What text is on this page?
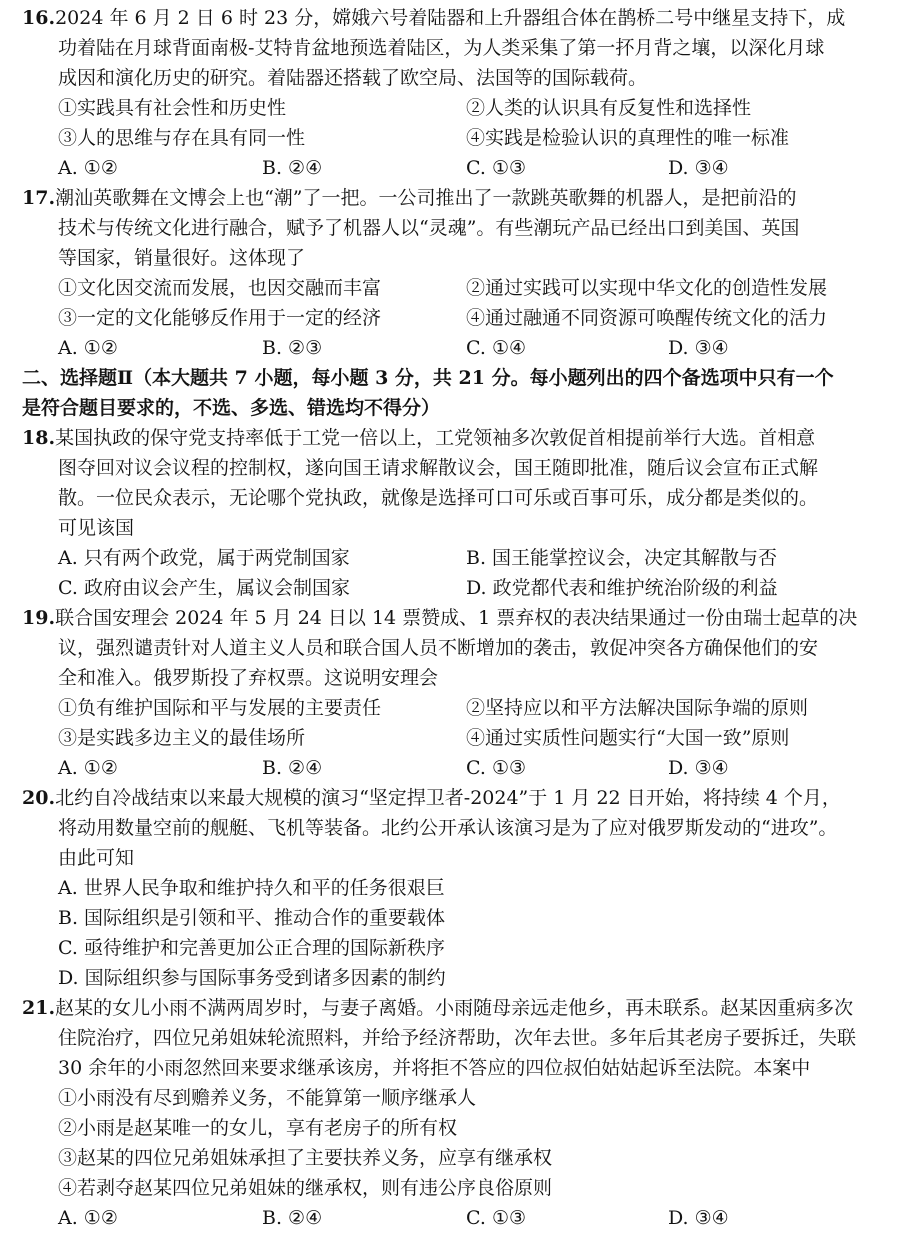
16.2024 年 6 月 2 日 6 时 23 分，嫦娥六号着陆器和上升器组合体在鹊桥二号中继星支持下，成
功着陆在月球背面南极-艾特肯盆地预选着陆区，为人类采集了第一抔月背之壤，以深化月球
成因和演化历史的研究。着陆器还搭载了欧空局、法国等的国际载荷。
①实践具有社会性和历史性	②人类的认识具有反复性和选择性
③人的思维与存在具有同一性	④实践是检验认识的真理性的唯一标准
A. ①②	B. ②④	C. ①③	D. ③④
17.潮汕英歌舞在文博会上也“潮”了一把。一公司推出了一款跳英歌舞的机器人，是把前沿的
技术与传统文化进行融合，赋予了机器人以“灵魂”。有些潮玩产品已经出口到美国、英国
等国家，销量很好。这体现了
①文化因交流而发展，也因交融而丰富	②通过实践可以实现中华文化的创造性发展
③一定的文化能够反作用于一定的经济	④通过融通不同资源可唤醒传统文化的活力
A. ①②	B. ②③	C. ①④	D. ③④
二、选择题Ⅱ（本大题共 7 小题，每小题 3 分，共 21 分。每小题列出的四个备选项中只有一个
是符合题目要求的，不选、多选、错选均不得分）
18.某国执政的保守党支持率低于工党一倍以上，工党领袖多次敦促首相提前举行大选。首相意
图夺回对议会议程的控制权，遂向国王请求解散议会，国王随即批准，随后议会宣布正式解
散。一位民众表示，无论哪个党执政，就像是选择可口可乐或百事可乐，成分都是类似的。
可见该国
A. 只有两个政党，属于两党制国家	B. 国王能掌控议会，决定其解散与否
C. 政府由议会产生，属议会制国家	D. 政党都代表和维护统治阶级的利益
19.联合国安理会 2024 年 5 月 24 日以 14 票赞成、1 票弃权的表决结果通过一份由瑞士起草的决
议，强烈谴责针对人道主义人员和联合国人员不断增加的袭击，敦促冲突各方确保他们的安
全和准入。俄罗斯投了弃权票。这说明安理会
①负有维护国际和平与发展的主要责任	②坚持应以和平方法解决国际争端的原则
③是实践多边主义的最佳场所	④通过实质性问题实行“大国一致”原则
A. ①②	B. ②④	C. ①③	D. ③④
20.北约自冷战结束以来最大规模的演习“坚定捍卫者-2024”于 1 月 22 日开始，将持续 4 个月，
将动用数量空前的舰艇、飞机等装备。北约公开承认该演习是为了应对俄罗斯发动的“进攻”。
由此可知
A. 世界人民争取和维护持久和平的任务很艰巨
B. 国际组织是引领和平、推动合作的重要载体
C. 亟待维护和完善更加公正合理的国际新秩序
D. 国际组织参与国际事务受到诸多因素的制约
21.赵某的女儿小雨不满两周岁时，与妻子离婚。小雨随母亲远走他乡，再未联系。赵某因重病多次
住院治疗，四位兄弟姐妹轮流照料，并给予经济帮助，次年去世。多年后其老房子要拆迁，失联
30 余年的小雨忽然回来要求继承该房，并将拒不答应的四位叔伯姑姑起诉至法院。本案中
①小雨没有尽到赡养义务，不能算第一顺序继承人
②小雨是赵某唯一的女儿，享有老房子的所有权
③赵某的四位兄弟姐妹承担了主要扶养义务，应享有继承权
④若剥夺赵某四位兄弟姐妹的继承权，则有违公序良俗原则
A. ①②	B. ②④	C. ①③	D. ③④
